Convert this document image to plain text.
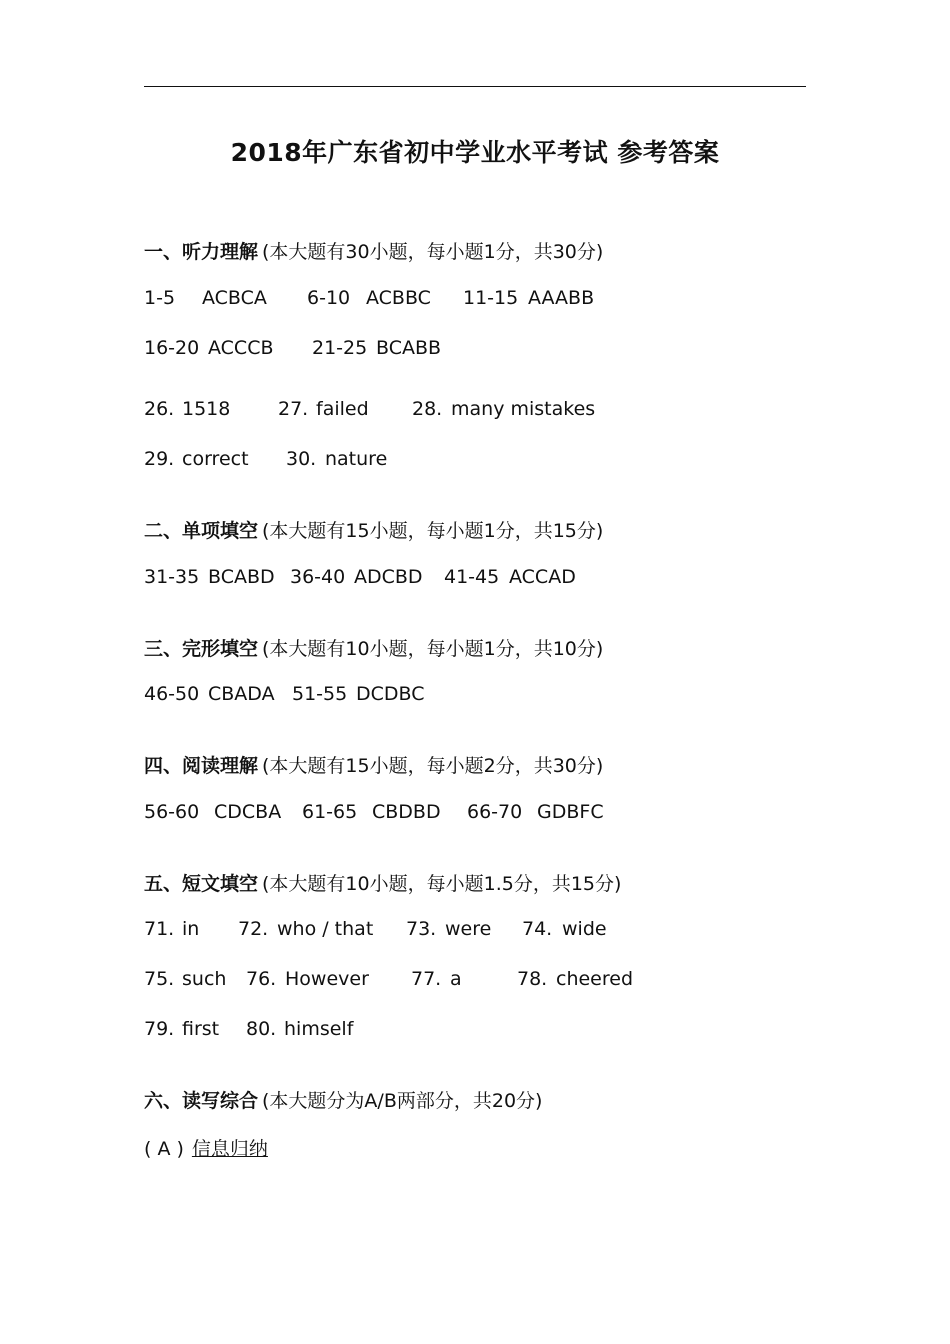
2018年广东省初中学业水平考试 参考答案
一、听力理解 (本大题有30小题，每小题1分，共30分)
1-5 ACBCA 6-10 ACBBC 11-15 AAABB
16-20 ACCCB 21-25 BCABB
26. 1518	27. failed 28. many mistakes
29. correct 30. nature
二、单项填空 (本大题有15小题，每小题1分，共15分)
31-35 BCABD 36-40 ADCBD 41-45 ACCAD
三、完形填空 (本大题有10小题，每小题1分，共10分)
46-50 CBADA 51-55 DCDBC
四、阅读理解 (本大题有15小题，每小题2分，共30分)
56-60 CDCBA 61-65 CBDBD 66-70 GDBFC
五、短文填空 (本大题有10小题，每小题1.5分，共15分)
71. in 72. who / that 73. were 74. wide
75. such 76. However 77. a	78. cheered
79. first 80. himself
六、读写综合 (本大题分为A/B两部分，共20分)
( A ) 信息归纳
